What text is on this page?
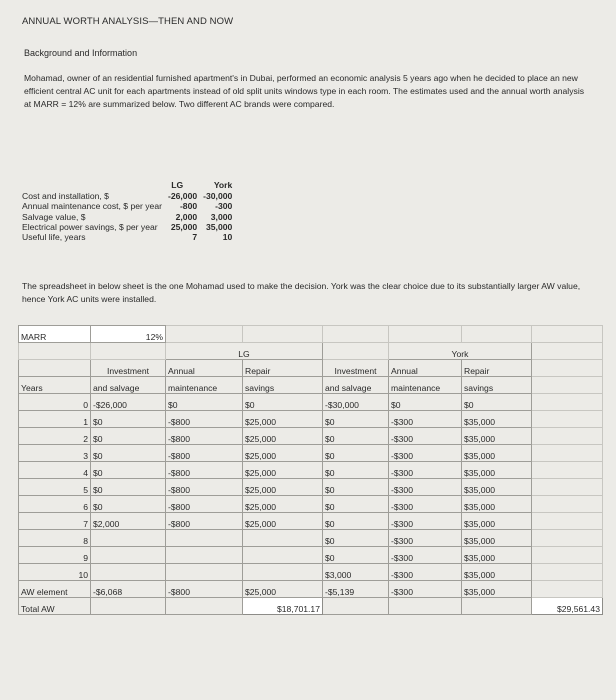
ANNUAL WORTH ANALYSIS—THEN AND NOW
Background and Information
Mohamad, owner of an residential furnished apartment's in Dubai, performed an economic analysis 5 years ago when he decided to place an new efficient central AC unit for each apartments instead of old split units windows type in each room. The estimates used and the annual worth analysis at MARR = 12% are summarized below. Two different AC brands were compared.
	LG	York
Cost and installation, $	-26,000	-30,000
Annual maintenance cost, $ per year	-800	-300
Salvage value, $	2,000	3,000
Electrical power savings, $ per year	25,000	35,000
Useful life, years	7	10
The spreadsheet in below sheet is the one Mohamad used to make the decision. York was the clear choice due to its substantially larger AW value, hence York AC units were installed.
MARR	12%						
		LG			York		
	Investment	Annual	Repair	Investment	Annual	Repair	
Years	and salvage	maintenance	savings	and salvage	maintenance	savings	
0	-$26,000	$0	$0	-$30,000	$0	$0	
1	$0	-$800	$25,000	$0	-$300	$35,000	
2	$0	-$800	$25,000	$0	-$300	$35,000	
3	$0	-$800	$25,000	$0	-$300	$35,000	
4	$0	-$800	$25,000	$0	-$300	$35,000	
5	$0	-$800	$25,000	$0	-$300	$35,000	
6	$0	-$800	$25,000	$0	-$300	$35,000	
7	$2,000	-$800	$25,000	$0	-$300	$35,000	
8				$0	-$300	$35,000	
9				$0	-$300	$35,000	
10				$3,000	-$300	$35,000	
AW element	-$6,068	-$800	$25,000	-$5,139	-$300	$35,000	
Total AW			$18,701.17				$29,561.43
